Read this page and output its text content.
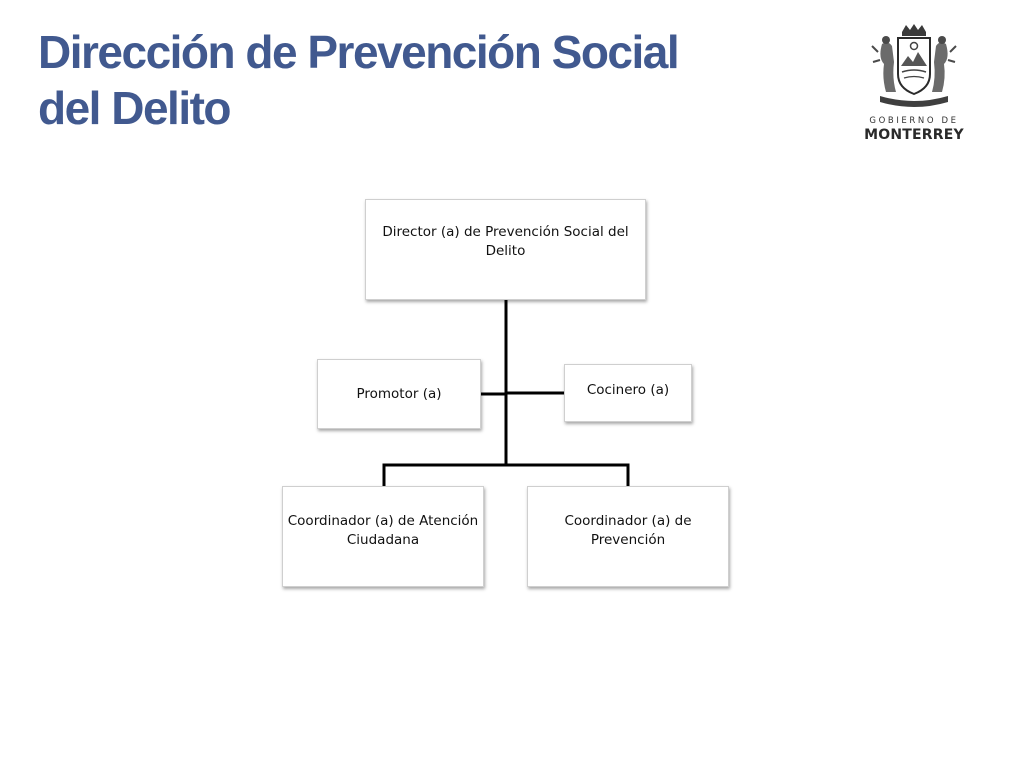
Dirección de Prevención Social
del Delito	GOBIERNO DE
MONTERREY
Director (a) de Prevención Social del Delito
Promotor (a)	Cocinero (a)
Coordinador (a) de Atención Ciudadana
Coordinador (a) de Prevención
